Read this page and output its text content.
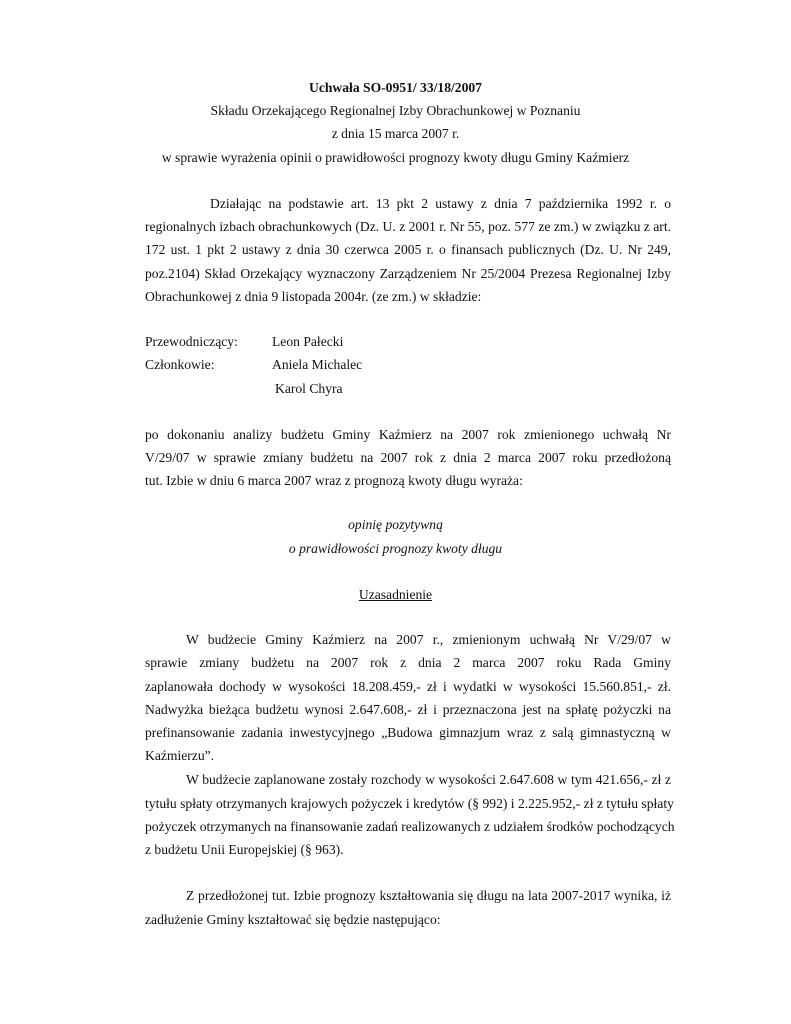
Uchwała SO-0951/ 33/18/2007
Składu Orzekającego Regionalnej Izby Obrachunkowej w Poznaniu
z dnia 15 marca 2007 r.
w sprawie wyrażenia opinii o prawidłowości prognozy kwoty długu Gminy Kaźmierz
Działając na podstawie art. 13 pkt 2 ustawy z dnia 7 października 1992 r. o
regionalnych izbach obrachunkowych (Dz. U. z 2001 r. Nr 55, poz. 577 ze zm.) w związku z art.
172 ust. 1 pkt 2 ustawy z dnia 30 czerwca 2005 r. o finansach publicznych (Dz. U. Nr 249,
poz.2104) Skład Orzekający wyznaczony Zarządzeniem Nr 25/2004 Prezesa Regionalnej Izby
Obrachunkowej z dnia 9 listopada 2004r. (ze zm.) w składzie:
Przewodniczący:	Leon Pałecki
Członkowie:	Aniela Michalec
Karol Chyra
po dokonaniu analizy budżetu Gminy Kaźmierz na 2007 rok zmienionego uchwałą Nr
V/29/07 w sprawie zmiany budżetu na 2007 rok z dnia 2 marca 2007 roku przedłożoną
tut. Izbie w dniu 6 marca 2007 wraz z prognozą kwoty długu wyraża:
opinię pozytywną
o prawidłowości prognozy kwoty długu
Uzasadnienie
W budżecie Gminy Kaźmierz na 2007 r., zmienionym uchwałą Nr V/29/07 w
sprawie zmiany budżetu na 2007 rok z dnia 2 marca 2007 roku Rada Gminy
zaplanowała dochody w wysokości 18.208.459,- zł i wydatki w wysokości 15.560.851,- zł.
Nadwyżka bieżąca budżetu wynosi 2.647.608,- zł i przeznaczona jest na spłatę pożyczki na
prefinansowanie zadania inwestycyjnego „Budowa gimnazjum wraz z salą gimnastyczną w
Kaźmierzu”.
W budżecie zaplanowane zostały rozchody w wysokości 2.647.608 w tym 421.656,- zł z
tytułu spłaty otrzymanych krajowych pożyczek i kredytów (§ 992) i 2.225.952,- zł z tytułu spłaty
pożyczek otrzymanych na finansowanie zadań realizowanych z udziałem środków pochodzących
z budżetu Unii Europejskiej (§ 963).
Z przedłożonej tut. Izbie prognozy kształtowania się długu na lata 2007-2017 wynika, iż
zadłużenie Gminy kształtować się będzie następująco:
